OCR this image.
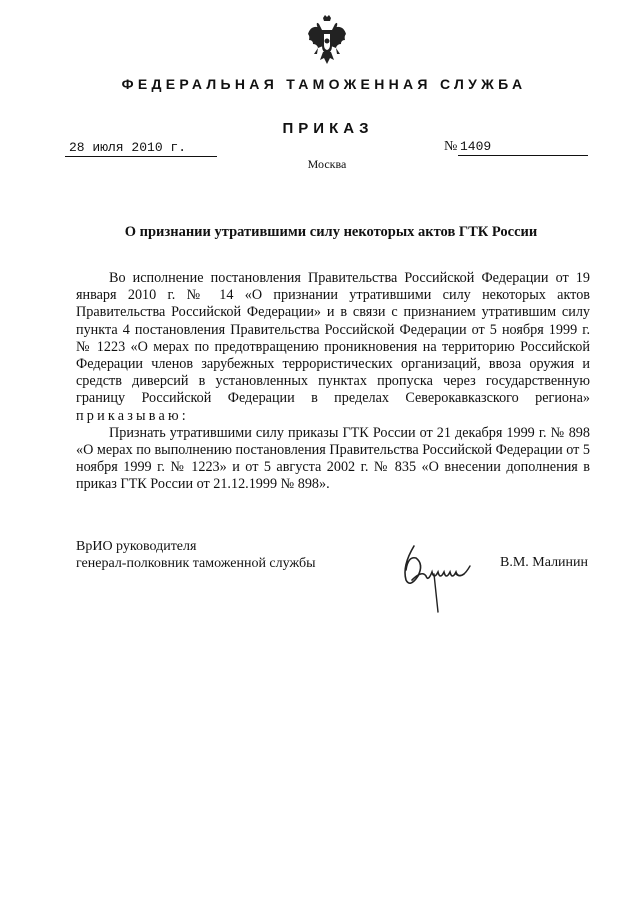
ФЕДЕРАЛЬНАЯ ТАМОЖЕННАЯ СЛУЖБА
ПРИКАЗ
28 июля 2010 г.	№ 1409
Москва
О признании утратившими силу некоторых актов ГТК России

Во исполнение постановления Правительства Российской Федерации от 19 января 2010 г. № 14 «О признании утратившими силу некоторых актов Правительства Российской Федерации» и в связи с признанием утратившим силу пункта 4 постановления Правительства Российской Федерации от 5 ноября 1999 г. № 1223 «О мерах по предотвращению проникновения на территорию Российской Федерации членов зарубежных террористических организаций, ввоза оружия и средств диверсий в установленных пунктах пропуска через государственную границу Российской Федерации в пределах Северокавказского региона» приказываю:

Признать утратившими силу приказы ГТК России от 21 декабря 1999 г. № 898 «О мерах по выполнению постановления Правительства Российской Федерации от 5 ноября 1999 г. № 1223» и от 5 августа 2002 г. № 835 «О внесении дополнения в приказ ГТК России от 21.12.1999 № 898».

ВрИО руководителя
генерал-полковник таможенной службы	В.М. Малинин
